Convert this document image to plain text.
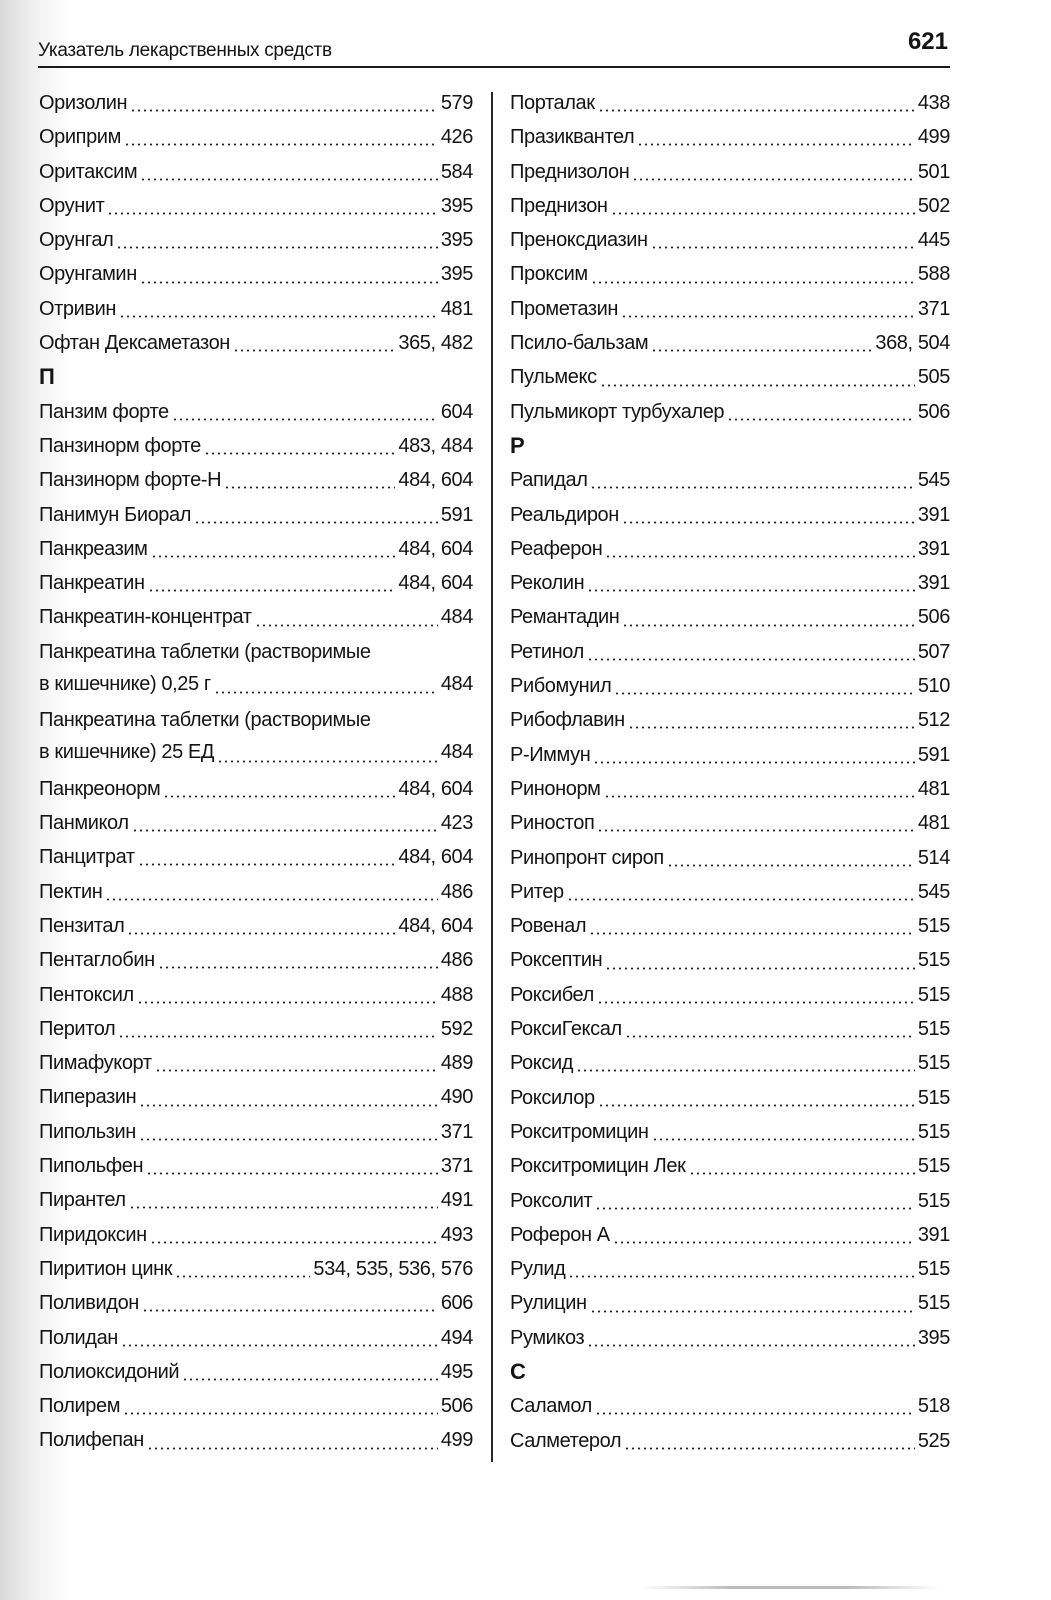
Указатель лекарственных средств	621
Оризолин	579
Ориприм	426
Оритаксим	584
Орунит	395
Орунгал	395
Орунгамин	395
Отривин	481
Офтан Дексаметазон	365, 482
П
Панзим форте	604
Панзинорм форте	483, 484
Панзинорм форте-Н	484, 604
Панимун Биорал	591
Панкреазим	484, 604
Панкреатин	484, 604
Панкреатин-концентрат	484
Панкреатина таблетки (растворимые
в кишечнике) 0,25 г	484
Панкреатина таблетки (растворимые
в кишечнике) 25 ЕД	484
Панкреонорм	484, 604
Панмикол	423
Панцитрат	484, 604
Пектин	486
Пензитал	484, 604
Пентаглобин	486
Пентоксил	488
Перитол	592
Пимафукорт	489
Пиперазин	490
Пипользин	371
Пипольфен	371
Пирантел	491
Пиридоксин	493
Пиритион цинк	534, 535, 536, 576
Поливидон	606
Полидан	494
Полиоксидоний	495
Полирем	506
Полифепан	499
Порталак	438
Празиквантел	499
Преднизолон	501
Преднизон	502
Пренoксдиазин	445
Проксим	588
Прометазин	371
Псило-бальзам	368, 504
Пульмекс	505
Пульмикорт турбухалер	506
Р
Рапидал	545
Реальдирон	391
Реаферон	391
Реколин	391
Ремантадин	506
Ретинол	507
Рибомунил	510
Рибофлавин	512
Р-Иммун	591
Ринонорм	481
Риностоп	481
Ринопронт сироп	514
Ритер	545
Ровенал	515
Роксептин	515
Роксибел	515
РоксиГексал	515
Роксид	515
Роксилор	515
Рокситромицин	515
Рокситромицин Лек	515
Роксолит	515
Роферон А	391
Рулид	515
Рулицин	515
Румикоз	395
С
Саламол	518
Салметерол	525
